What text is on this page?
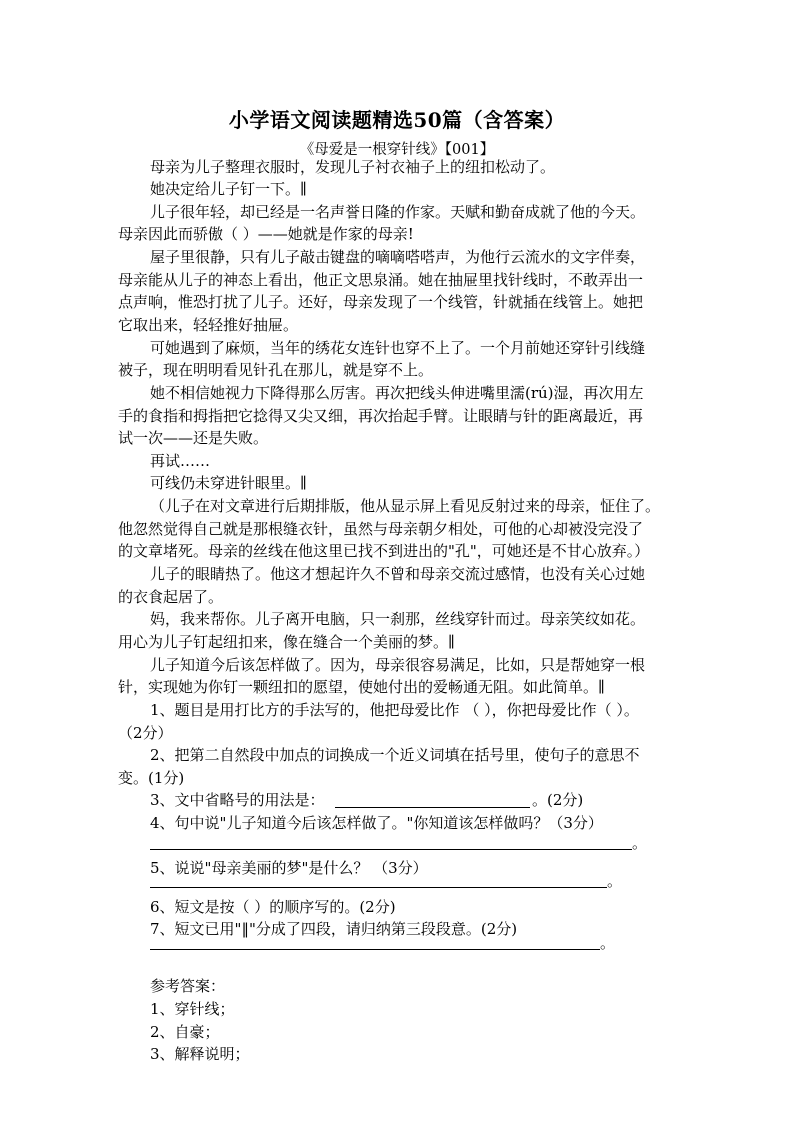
小学语文阅读题精选50篇（含答案）
《母爱是一根穿针线》【001】
母亲为儿子整理衣服时，发现儿子衬衣袖子上的纽扣松动了。
她决定给儿子钉一下。∥
儿子很年轻，却已经是一名声誉日隆的作家。天赋和勤奋成就了他的今天。
母亲因此而骄傲（ ）——她就是作家的母亲!
屋子里很静，只有儿子敲击键盘的嘀嘀嗒嗒声，为他行云流水的文字伴奏，
母亲能从儿子的神态上看出，他正文思泉涌。她在抽屉里找针线时，不敢弄出一
点声响，惟恐打扰了儿子。还好，母亲发现了一个线管，针就插在线管上。她把
它取出来，轻轻推好抽屉。
可她遇到了麻烦，当年的绣花女连针也穿不上了。一个月前她还穿针引线缝
被子，现在明明看见针孔在那儿，就是穿不上。
她不相信她视力下降得那么厉害。再次把线头伸进嘴里濡(rú)湿，再次用左
手的食指和拇指把它捻得又尖又细，再次抬起手臂。让眼睛与针的距离最近，再
试一次——还是失败。
再试……
可线仍未穿进针眼里。∥
（儿子在对文章进行后期排版，他从显示屏上看见反射过来的母亲，怔住了。
他忽然觉得自己就是那根缝衣针，虽然与母亲朝夕相处，可他的心却被没完没了
的文章堵死。母亲的丝线在他这里已找不到进出的"孔"，可她还是不甘心放弃。）
儿子的眼睛热了。他这才想起许久不曾和母亲交流过感情，也没有关心过她
的衣食起居了。
妈，我来帮你。儿子离开电脑，只一刹那，丝线穿针而过。母亲笑纹如花。
用心为儿子钉起纽扣来，像在缝合一个美丽的梦。∥
儿子知道今后该怎样做了。因为，母亲很容易满足，比如，只是帮她穿一根
针，实现她为你钉一颗纽扣的愿望，使她付出的爱畅通无阻。如此简单。∥
1、题目是用打比方的手法写的，他把母爱比作 （ ），你把母爱比作（ ）。
（2分）
2、把第二自然段中加点的词换成一个近义词填在括号里，使句子的意思不
变。(1分)
3、文中省略号的用法是：	。(2分)
4、句中说"儿子知道今后该怎样做了。"你知道该怎样做吗？（3分）
。
5、说说"母亲美丽的梦"是什么？ （3分）
。
6、短文是按（ ）的顺序写的。(2分)
7、短文已用"‖"分成了四段，请归纳第三段段意。(2分)
。
参考答案：
1、穿针线；
2、自豪；
3、解释说明；
